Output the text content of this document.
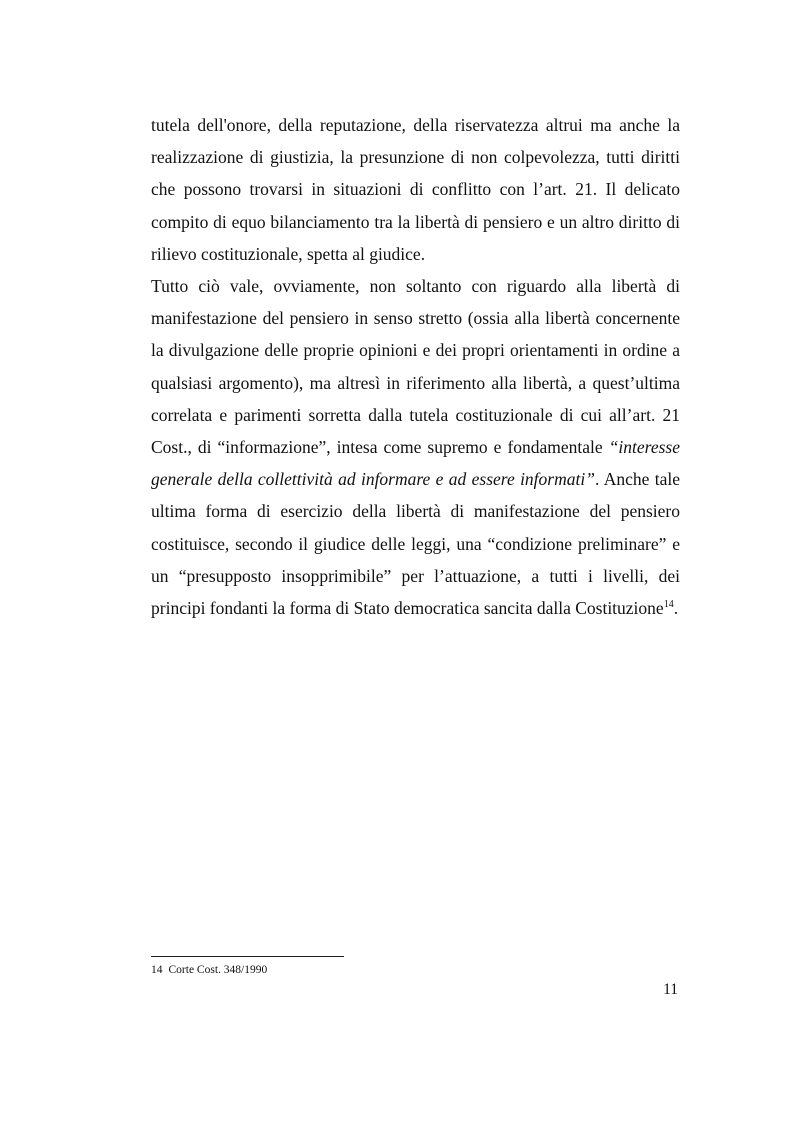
tutela dell'onore, della reputazione, della riservatezza altrui ma anche la realizzazione di giustizia, la presunzione di non colpevolezza, tutti diritti che possono trovarsi in situazioni di conflitto con l’art. 21. Il delicato compito di equo bilanciamento tra la libertà di pensiero e un altro diritto di rilievo costituzionale, spetta al giudice.

Tutto ciò vale, ovviamente, non soltanto con riguardo alla libertà di manifestazione del pensiero in senso stretto (ossia alla libertà concernente la divulgazione delle proprie opinioni e dei propri orientamenti in ordine a qualsiasi argomento), ma altresì in riferimento alla libertà, a quest’ultima correlata e parimenti sorretta dalla tutela costituzionale di cui all’art. 21 Cost., di “informazione”, intesa come supremo e fondamentale “interesse generale della collettività ad informare e ad essere informati”. Anche tale ultima forma di esercizio della libertà di manifestazione del pensiero costituisce, secondo il giudice delle leggi, una “condizione preliminare” e un “presupposto insopprimibile” per l’attuazione, a tutti i livelli, dei principi fondanti la forma di Stato democratica sancita dalla Costituzione$^{14}$.

14 Corte Cost. 348/1990
11
